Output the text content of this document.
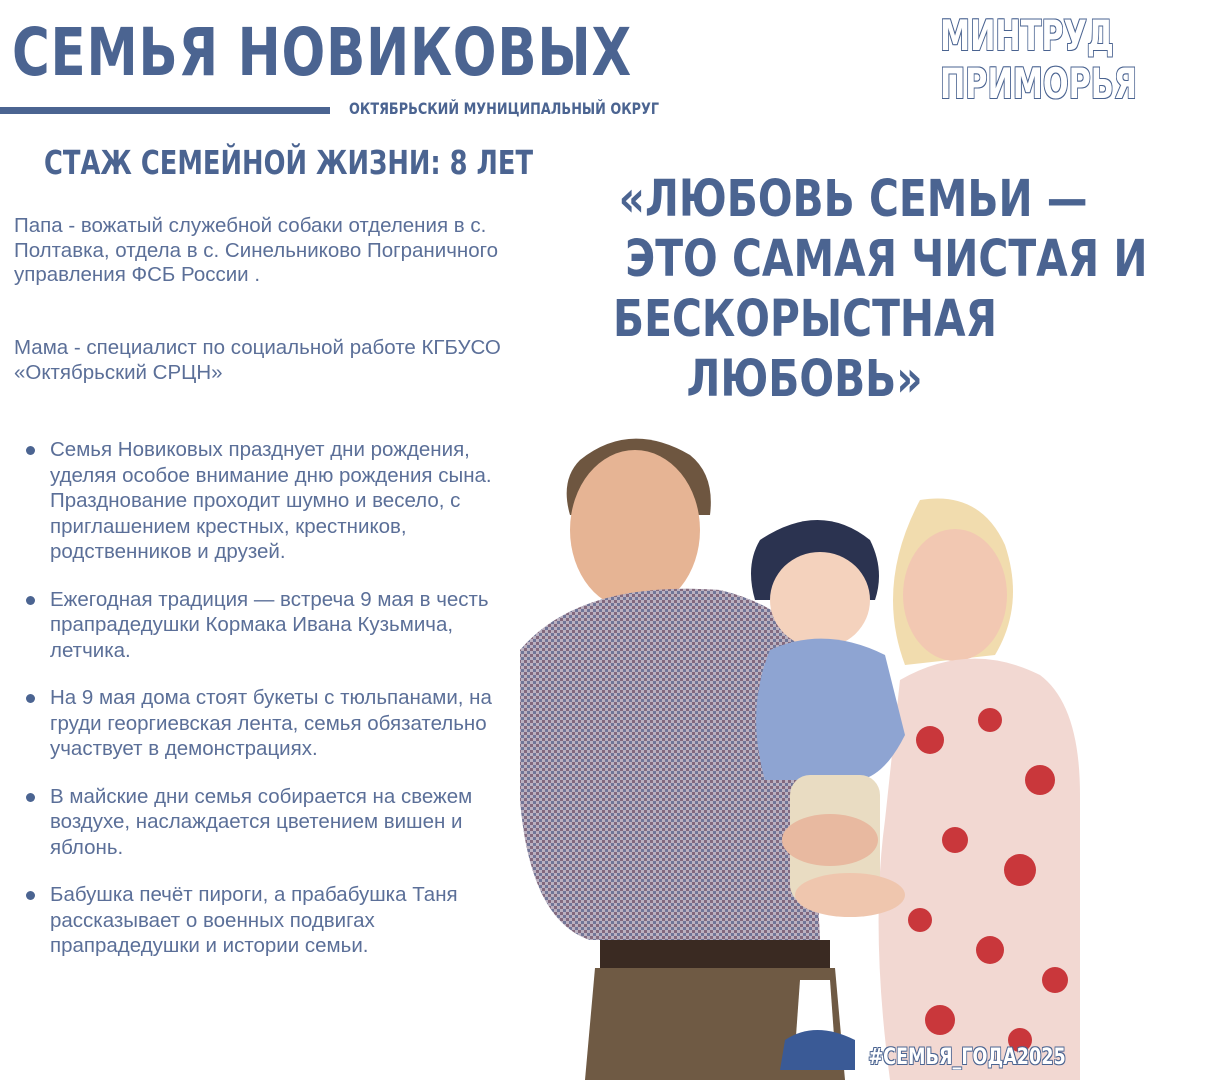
СЕМЬЯ НОВИКОВЫХ
ОКТЯБРЬСКИЙ МУНИЦИПАЛЬНЫЙ ОКРУГ
МИНТРУД
ПРИМОРЬЯ
СТАЖ СЕМЕЙНОЙ ЖИЗНИ: 8 ЛЕТ

Папа - вожатый служебной собаки отделения в с. Полтавка, отдела в с. Синельниково Пограничного управления ФСБ России .

Мама - специалист по социальной работе КГБУСО «Октябрьский СРЦН»

«ЛЮБОВЬ СЕМЬИ —
ЭТО САМАЯ ЧИСТАЯ И
БЕСКОРЫСТНАЯ
ЛЮБОВЬ»
Семья Новиковых празднует дни рождения, уделяя особое внимание дню рождения сына. Празднование проходит шумно и весело, с приглашением крестных, крестников, родственников и друзей.
Ежегодная традиция — встреча 9 мая в честь прапрадедушки Кормака Ивана Кузьмича, летчика.
На 9 мая дома стоят букеты с тюльпанами, на груди георгиевская лента, семья обязательно участвует в демонстрациях.
В майские дни семья собирается на свежем воздухе, наслаждается цветением вишен и яблонь.
Бабушка печёт пироги, а прабабушка Таня рассказывает о военных подвигах прапрадедушки и истории семьи.
#СЕМЬЯ_ГОДА2025
